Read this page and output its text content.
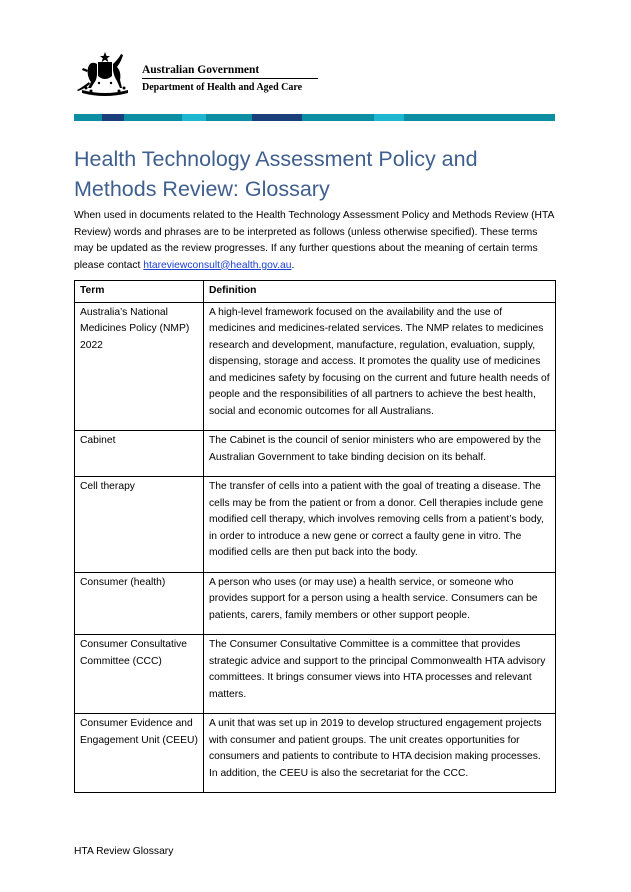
Australian Government
Department of Health and Aged Care
Health Technology Assessment Policy and Methods Review: Glossary

When used in documents related to the Health Technology Assessment Policy and Methods Review (HTA Review) words and phrases are to be interpreted as follows (unless otherwise specified). These terms may be updated as the review progresses. If any further questions about the meaning of certain terms please contact htareviewconsult@health.gov.au.

Term	Definition
Australia’s National Medicines Policy (NMP) 2022	A high-level framework focused on the availability and the use of medicines and medicines-related services. The NMP relates to medicines research and development, manufacture, regulation, evaluation, supply, dispensing, storage and access. It promotes the quality use of medicines and medicines safety by focusing on the current and future health needs of people and the responsibilities of all partners to achieve the best health, social and economic outcomes for all Australians.
Cabinet	The Cabinet is the council of senior ministers who are empowered by the Australian Government to take binding decision on its behalf.
Cell therapy	The transfer of cells into a patient with the goal of treating a disease. The cells may be from the patient or from a donor. Cell therapies include gene modified cell therapy, which involves removing cells from a patient’s body, in order to introduce a new gene or correct a faulty gene in vitro. The modified cells are then put back into the body.
Consumer (health)	A person who uses (or may use) a health service, or someone who provides support for a person using a health service. Consumers can be patients, carers, family members or other support people.
Consumer Consultative Committee (CCC)	The Consumer Consultative Committee is a committee that provides strategic advice and support to the principal Commonwealth HTA advisory committees. It brings consumer views into HTA processes and relevant matters.
Consumer Evidence and Engagement Unit (CEEU)	A unit that was set up in 2019 to develop structured engagement projects with consumer and patient groups. The unit creates opportunities for consumers and patients to contribute to HTA decision making processes. In addition, the CEEU is also the secretariat for the CCC.
HTA Review Glossary
